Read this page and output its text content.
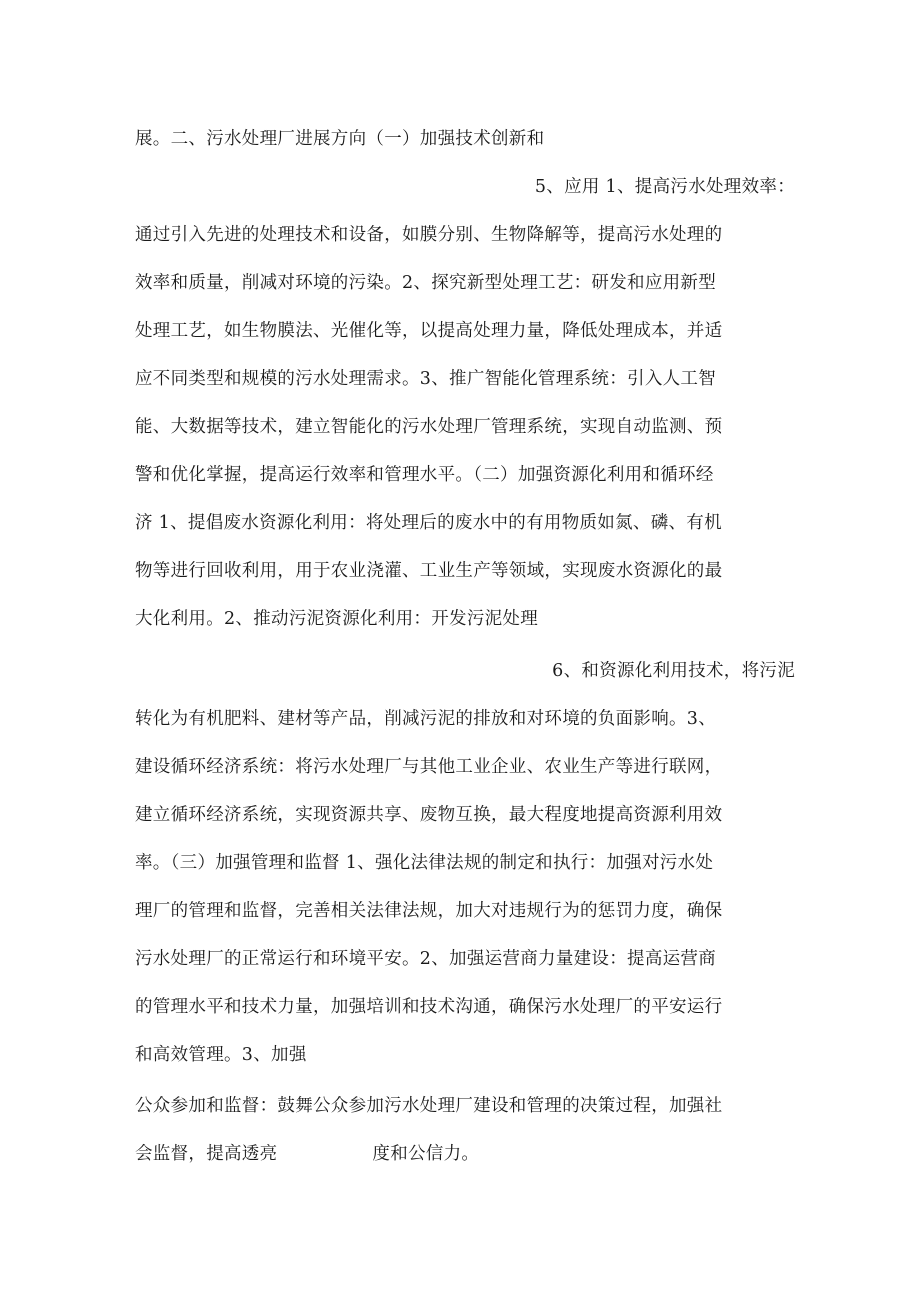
展。二、污水处理厂进展方向（一）加强技术创新和
5、应用 1、提高污水处理效率：
通过引入先进的处理技术和设备，如膜分别、生物降解等，提高污水处理的
效率和质量，削减对环境的污染。2、探究新型处理工艺：研发和应用新型
处理工艺，如生物膜法、光催化等，以提高处理力量，降低处理成本，并适
应不同类型和规模的污水处理需求。3、推广智能化管理系统：引入人工智
能、大数据等技术，建立智能化的污水处理厂管理系统，实现自动监测、预
警和优化掌握，提高运行效率和管理水平。（二）加强资源化利用和循环经
济 1、提倡废水资源化利用：将处理后的废水中的有用物质如氮、磷、有机
物等进行回收利用，用于农业浇灌、工业生产等领域，实现废水资源化的最
大化利用。2、推动污泥资源化利用：开发污泥处理
6、和资源化利用技术，将污泥
转化为有机肥料、建材等产品，削减污泥的排放和对环境的负面影响。3、
建设循环经济系统：将污水处理厂与其他工业企业、农业生产等进行联网，
建立循环经济系统，实现资源共享、废物互换，最大程度地提高资源利用效
率。（三）加强管理和监督 1、强化法律法规的制定和执行：加强对污水处
理厂的管理和监督，完善相关法律法规，加大对违规行为的惩罚力度，确保
污水处理厂的正常运行和环境平安。2、加强运营商力量建设：提高运营商
的管理水平和技术力量，加强培训和技术沟通，确保污水处理厂的平安运行
和高效管理。3、加强
公众参加和监督：鼓舞公众参加污水处理厂建设和管理的决策过程，加强社
会监督，提高透亮	度和公信力。
